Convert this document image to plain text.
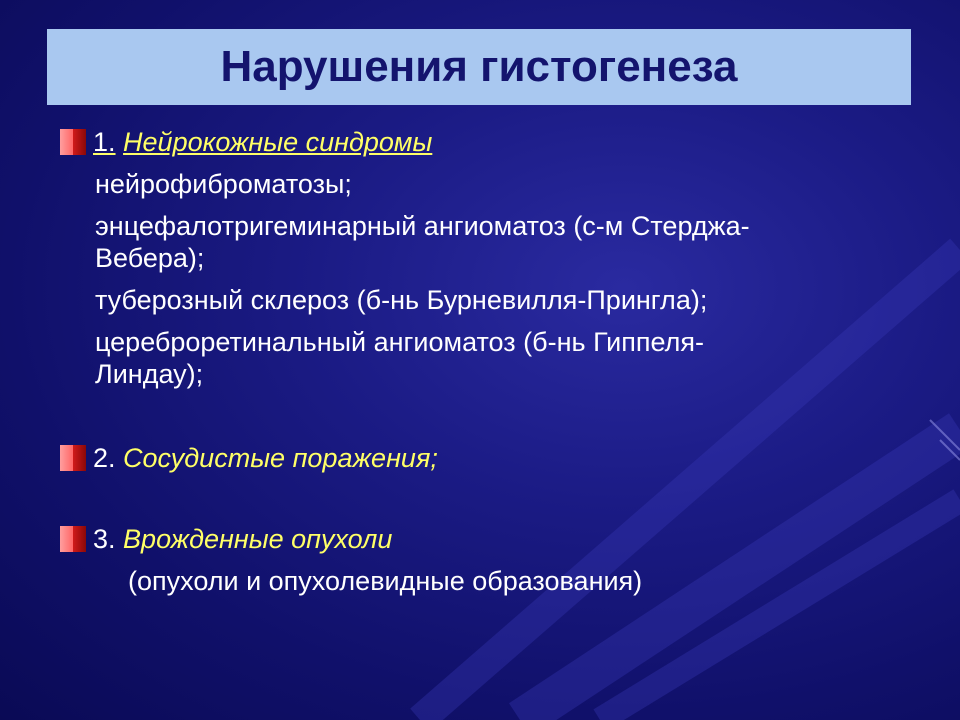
Нарушения гистогенеза
1. Нейрокожные синдромы
нейрофиброматозы;
энцефалотригеминарный ангиоматоз (с-м Стерджа-
Вебера);
туберозный склероз (б-нь Бурневилля-Прингла);
цереброретинальный ангиоматоз (б-нь Гиппеля-
Линдау);
2. Сосудистые поражения;
3. Врожденные опухоли
(опухоли и опухолевидные образования)
